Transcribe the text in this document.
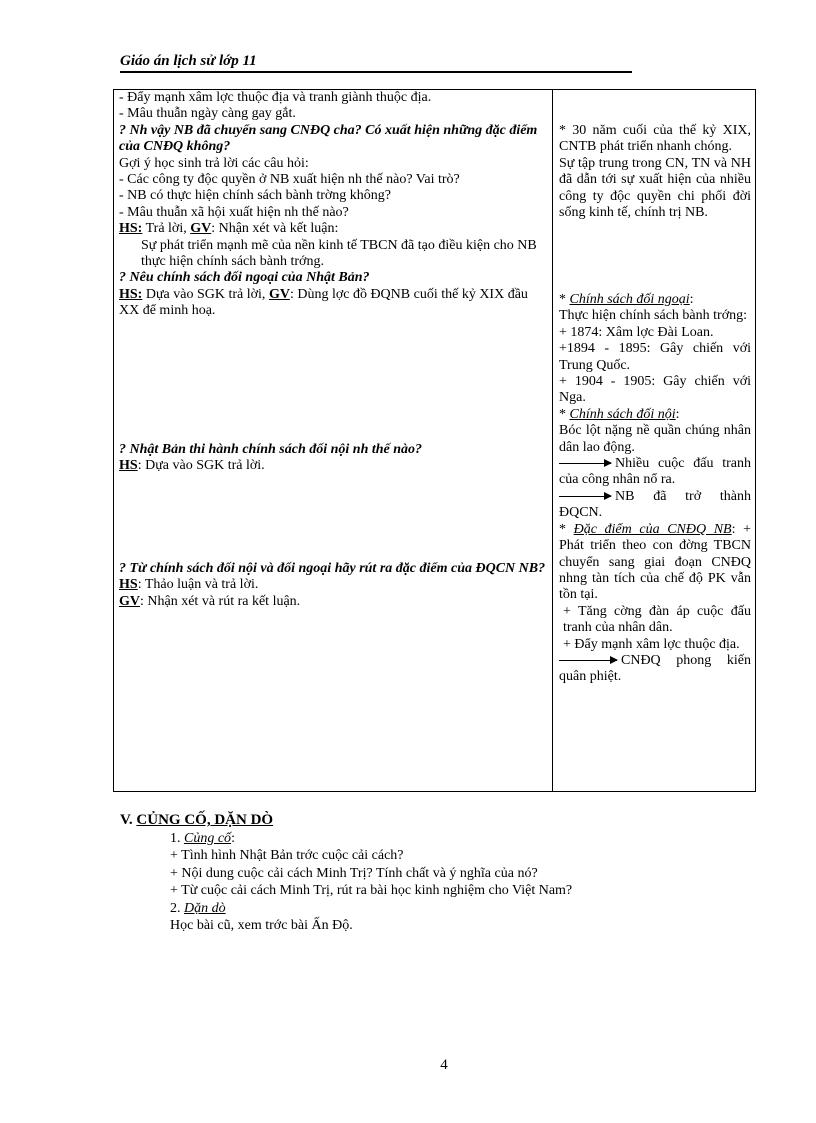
Giáo án lịch sử lớp 11
- Đẩy mạnh xâm lợc thuộc địa và tranh giành thuộc địa.
- Mâu thuẫn ngày càng gay gắt.
? Nh vậy NB đã chuyển sang CNĐQ cha? Có xuất hiện những đặc điểm của CNĐQ không?
Gợi ý học sinh trả lời các câu hỏi:
- Các công ty độc quyền ở NB xuất hiện nh thế nào? Vai trò?
- NB có thực hiện chính sách bành trờng không?
- Mâu thuẫn xã hội xuất hiện nh thế nào?
HS: Trả lời, GV: Nhận xét và kết luận:
Sự phát triển mạnh mẽ của nền kinh tế TBCN đã tạo điều kiện cho NB thực hiện chính sách bành trớng.
? Nêu chính sách đối ngoại của Nhật Bản?
HS: Dựa vào SGK trả lời, GV: Dùng lợc đồ ĐQNB cuối thế kỷ XIX đầu XX để minh hoạ.
? Nhật Bản thi hành chính sách đối nội nh thế nào?
HS: Dựa vào SGK trả lời.
? Từ chính sách đối nội và đối ngoại hãy rút ra đặc điểm của ĐQCN NB?
HS: Thảo luận và trả lời.
GV: Nhận xét và rút ra kết luận.
* 30 năm cuối của thế kỷ XIX, CNTB phát triển nhanh chóng.
Sự tập trung trong CN, TN và NH đã dẫn tới sự xuất hiện của nhiều công ty độc quyền chi phối đời sống kinh tế, chính trị NB.
* Chính sách đối ngoại:
Thực hiện chính sách bành trớng:
+ 1874: Xâm lợc Đài Loan.
+1894 - 1895: Gây chiến với Trung Quốc.
+ 1904 - 1905: Gây chiến với Nga.
* Chính sách đối nội:
Bóc lột nặng nề quần chúng nhân dân lao động.
Nhiều cuộc đấu tranh của công nhân nổ ra.
NB đã trở thành ĐQCN.
* Đặc điểm của CNĐQ NB: + Phát triển theo con đờng TBCN chuyển sang giai đoạn CNĐQ nhng tàn tích của chế độ PK vẫn tồn tại.
+ Tăng cờng đàn áp cuộc đấu tranh của nhân dân.
+ Đẩy mạnh xâm lợc thuộc địa.
CNĐQ phong kiến quân phiệt.
V. CỦNG CỐ, DẶN DÒ
1. Củng cố:
+ Tình hình Nhật Bản trớc cuộc cải cách?
+ Nội dung cuộc cải cách Minh Trị? Tính chất và ý nghĩa của nó?
+ Từ cuộc cải cách Minh Trị, rút ra bài học kinh nghiệm cho Việt Nam?
2. Dặn dò
Học bài cũ, xem trớc bài Ấn Độ.
4
